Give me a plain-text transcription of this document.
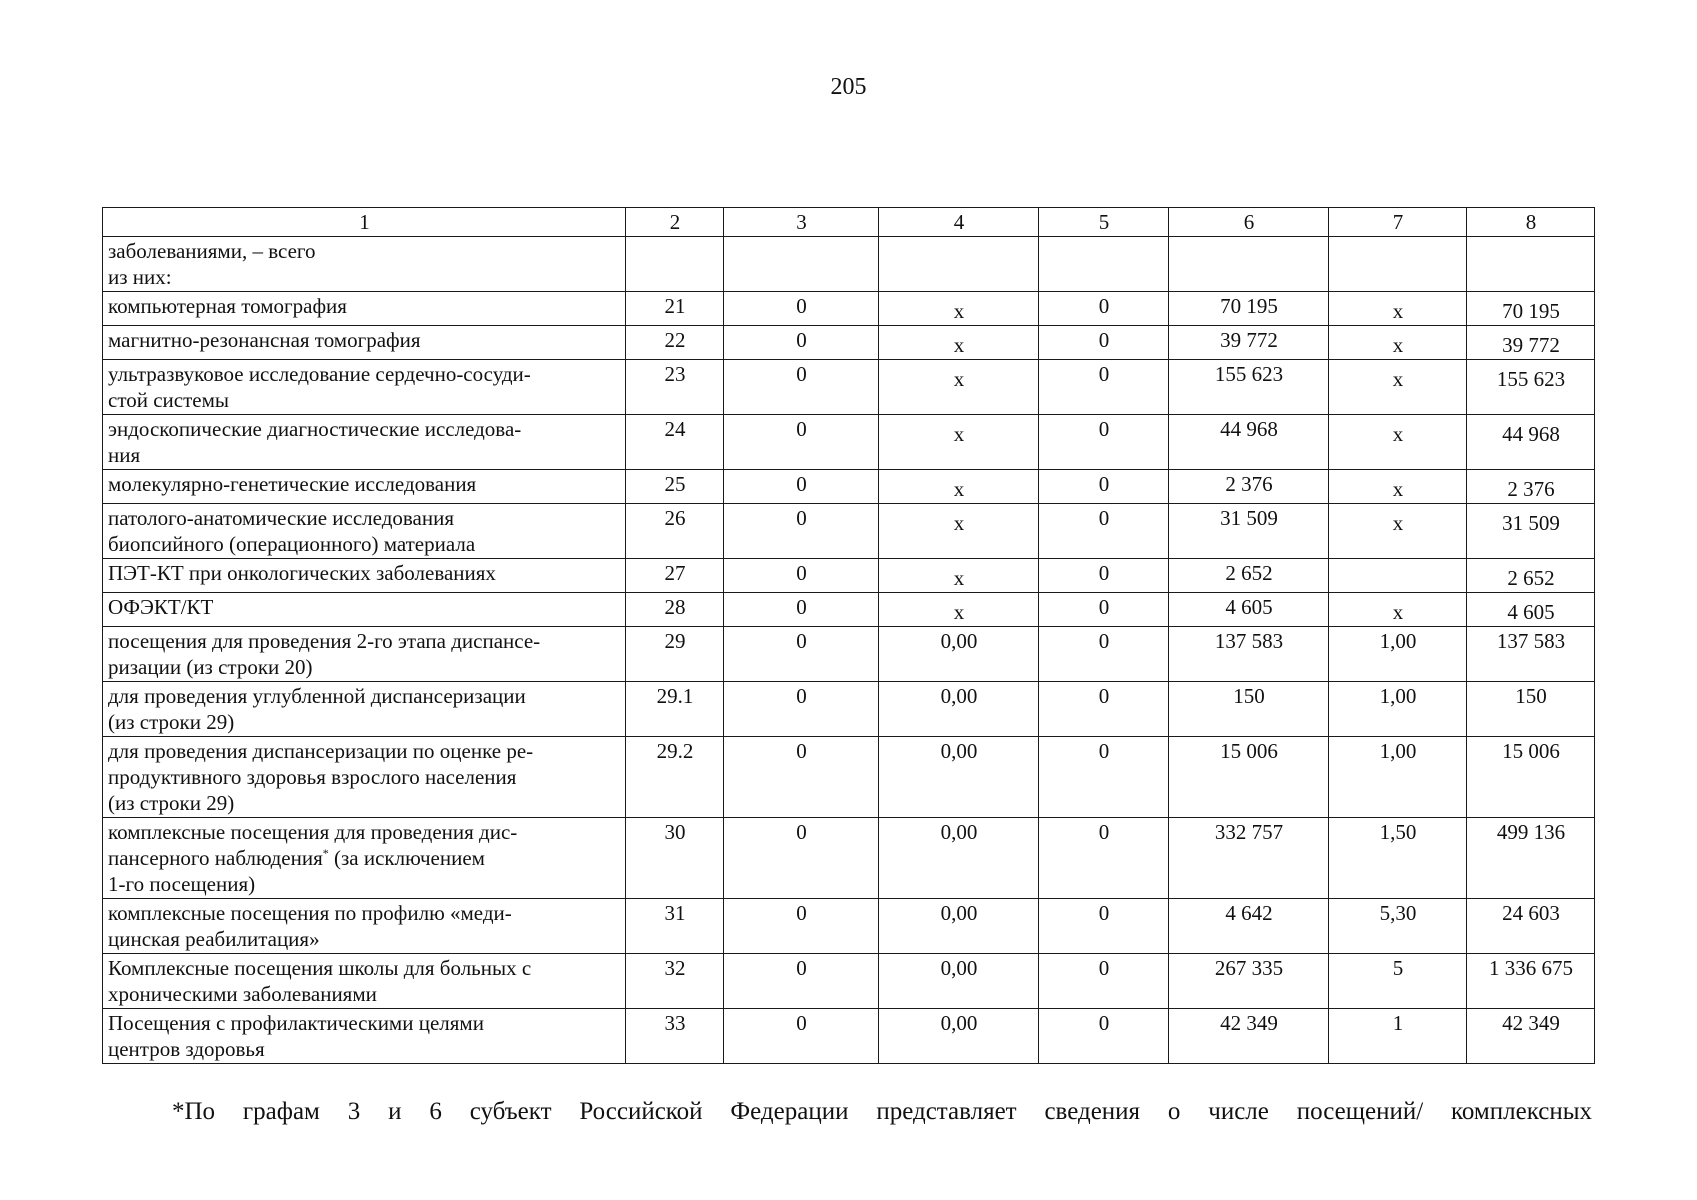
205
1	2	3	4	5	6	7	8
заболеваниями, – всего
из них:							
компьютерная томография	21	0	x	0	70 195	x	70 195
магнитно-резонансная томография	22	0	x	0	39 772	x	39 772
ультразвуковое исследование сердечно-сосуди-
стой системы	23	0	x	0	155 623	x	155 623
эндоскопические диагностические исследова-
ния	24	0	x	0	44 968	x	44 968
молекулярно-генетические исследования	25	0	x	0	2 376	x	2 376
патолого-анатомические исследования
биопсийного (операционного) материала	26	0	x	0	31 509	x	31 509
ПЭТ-КТ при онкологических заболеваниях	27	0	x	0	2 652		2 652
ОФЭКТ/КТ	28	0	x	0	4 605	x	4 605
посещения для проведения 2-го этапа диспансе-
ризации (из строки 20)	29	0	0,00	0	137 583	1,00	137 583
для проведения углубленной диспансеризации
(из строки 29)	29.1	0	0,00	0	150	1,00	150
для проведения диспансеризации по оценке ре-
продуктивного здоровья взрослого населения
(из строки 29)	29.2	0	0,00	0	15 006	1,00	15 006
комплексные посещения для проведения дис-
пансерного наблюдения* (за исключением
1-го посещения)	30	0	0,00	0	332 757	1,50	499 136
комплексные посещения по профилю «меди-
цинская реабилитация»	31	0	0,00	0	4 642	5,30	24 603
Комплексные посещения школы для больных с
хроническими заболеваниями	32	0	0,00	0	267 335	5	1 336 675
Посещения с профилактическими целями
центров здоровья	33	0	0,00	0	42 349	1	42 349
*По графам 3 и 6 субъект Российской Федерации представляет сведения о числе посещений/ комплексных
